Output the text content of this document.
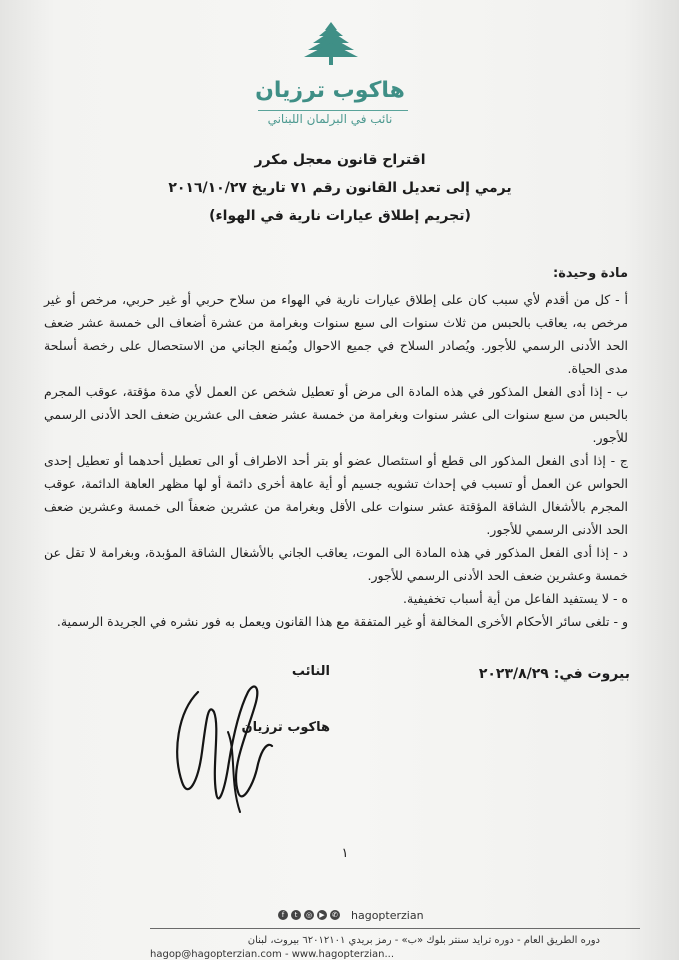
هاكوب ترزيان
نائب في البرلمان اللبناني
اقتراح قانون معجل مكرر
يرمي إلى تعديل القانون رقم ٧١ تاريخ ٢٠١٦/١٠/٢٧
(تجريم إطلاق عيارات نارية في الهواء)
مادة وحيدة:

أ - كل من أقدم لأي سبب كان على إطلاق عيارات نارية في الهواء من سلاح حربي أو غير حربي، مرخص أو غير مرخص به، يعاقب بالحبس من ثلاث سنوات الى سبع سنوات وبغرامة من عشرة أضعاف الى خمسة عشر ضعف الحد الأدنى الرسمي للأجور. ويُصادر السلاح في جميع الاحوال ويُمنع الجاني من الاستحصال على رخصة أسلحة مدى الحياة.

ب - إذا أدى الفعل المذكور في هذه المادة الى مرض أو تعطيل شخص عن العمل لأي مدة مؤقتة، عوقب المجرم بالحبس من سبع سنوات الى عشر سنوات وبغرامة من خمسة عشر ضعف الى عشرين ضعف الحد الأدنى الرسمي للأجور.

ج - إذا أدى الفعل المذكور الى قطع أو استئصال عضو أو بتر أحد الاطراف أو الى تعطيل أحدهما أو تعطيل إحدى الحواس عن العمل أو تسبب في إحداث تشويه جسيم أو أية عاهة أخرى دائمة أو لها مظهر العاهة الدائمة، عوقب المجرم بالأشغال الشاقة المؤقتة عشر سنوات على الأقل وبغرامة من عشرين ضعفاً الى خمسة وعشرين ضعف الحد الأدنى الرسمي للأجور.

د - إذا أدى الفعل المذكور في هذه المادة الى الموت، يعاقب الجاني بالأشغال الشاقة المؤبدة، وبغرامة لا تقل عن خمسة وعشرين ضعف الحد الأدنى الرسمي للأجور.

ه - لا يستفيد الفاعل من أية أسباب تخفيفية.

و - تلغى سائر الأحكام الأخرى المخالفة أو غير المتفقة مع هذا القانون ويعمل به فور نشره في الجريدة الرسمية.

بيروت في: ٢٠٢٣/٨/٢٩
النائب
هاكوب ترزيان
١
f	t	◎	▶	✆ hagopterzian
دوره الطريق العام - دوره ترايد سنتر بلوك «ب» - رمز بريدي ٦٢٠١٢١٠١ بيروت، لبنان
hagop@hagopterzian.com - www.hagopterzian...
